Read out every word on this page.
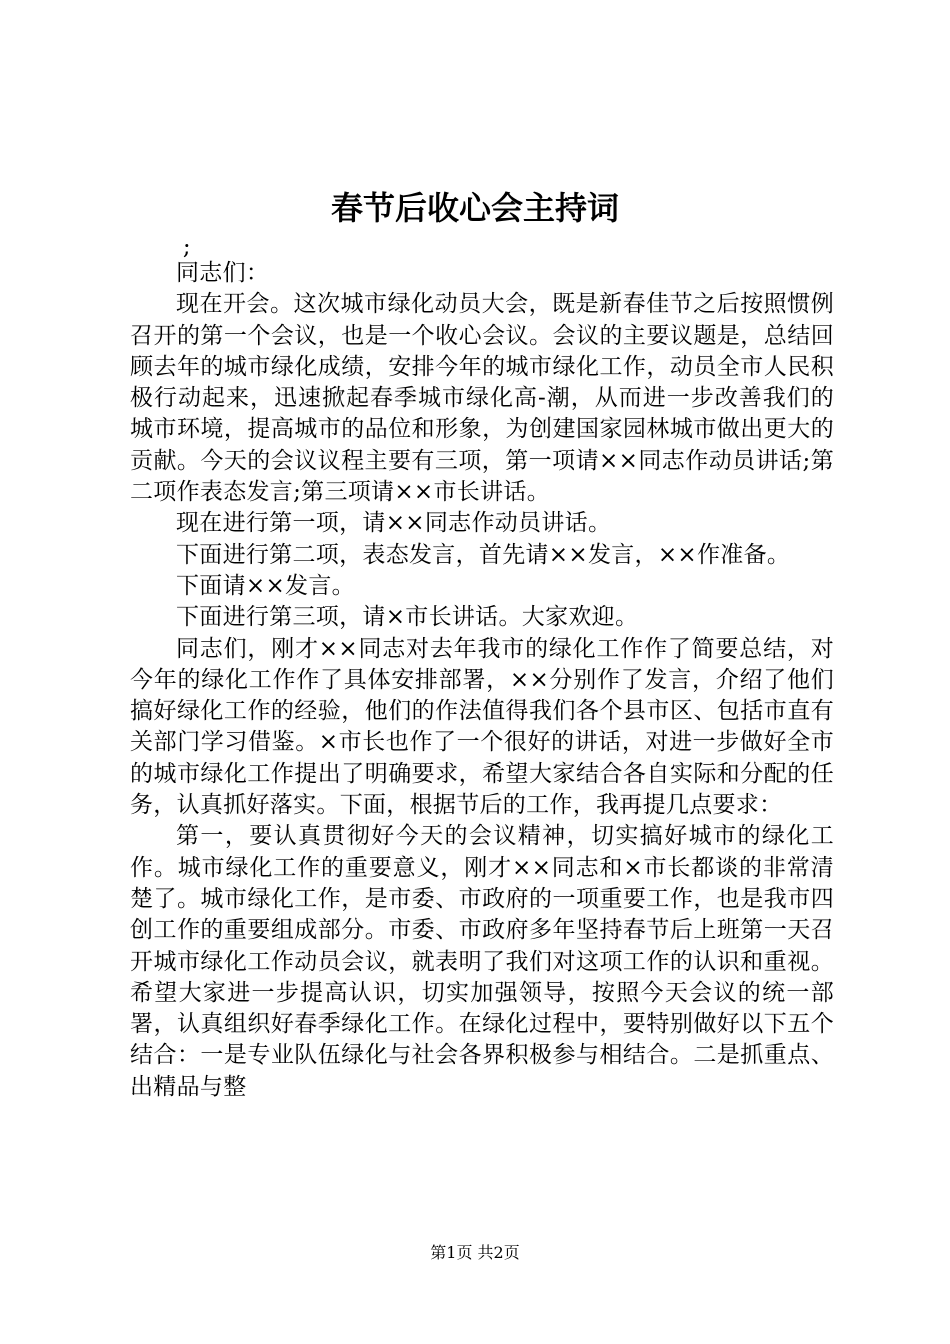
春节后收心会主持词

;

同志们：

现在开会。这次城市绿化动员大会，既是新春佳节之后按照惯例召开的第一个会议，也是一个收心会议。会议的主要议题是，总结回顾去年的城市绿化成绩，安排今年的城市绿化工作，动员全市人民积极行动起来，迅速掀起春季城市绿化高-潮，从而进一步改善我们的城市环境，提高城市的品位和形象，为创建国家园林城市做出更大的贡献。今天的会议议程主要有三项，第一项请××同志作动员讲话;第二项作表态发言;第三项请××市长讲话。

现在进行第一项，请××同志作动员讲话。

下面进行第二项，表态发言，首先请××发言，××作准备。

下面请××发言。

下面进行第三项，请×市长讲话。大家欢迎。

同志们，刚才××同志对去年我市的绿化工作作了简要总结，对今年的绿化工作作了具体安排部署，××分别作了发言，介绍了他们搞好绿化工作的经验，他们的作法值得我们各个县市区、包括市直有关部门学习借鉴。×市长也作了一个很好的讲话，对进一步做好全市的城市绿化工作提出了明确要求，希望大家结合各自实际和分配的任务，认真抓好落实。下面，根据节后的工作，我再提几点要求：

第一，要认真贯彻好今天的会议精神，切实搞好城市的绿化工作。城市绿化工作的重要意义，刚才××同志和×市长都谈的非常清楚了。城市绿化工作，是市委、市政府的一项重要工作，也是我市四创工作的重要组成部分。市委、市政府多年坚持春节后上班第一天召开城市绿化工作动员会议，就表明了我们对这项工作的认识和重视。希望大家进一步提高认识，切实加强领导，按照今天会议的统一部署，认真组织好春季绿化工作。在绿化过程中，要特别做好以下五个结合：一是专业队伍绿化与社会各界积极参与相结合。二是抓重点、出精品与整

第1页 共2页
